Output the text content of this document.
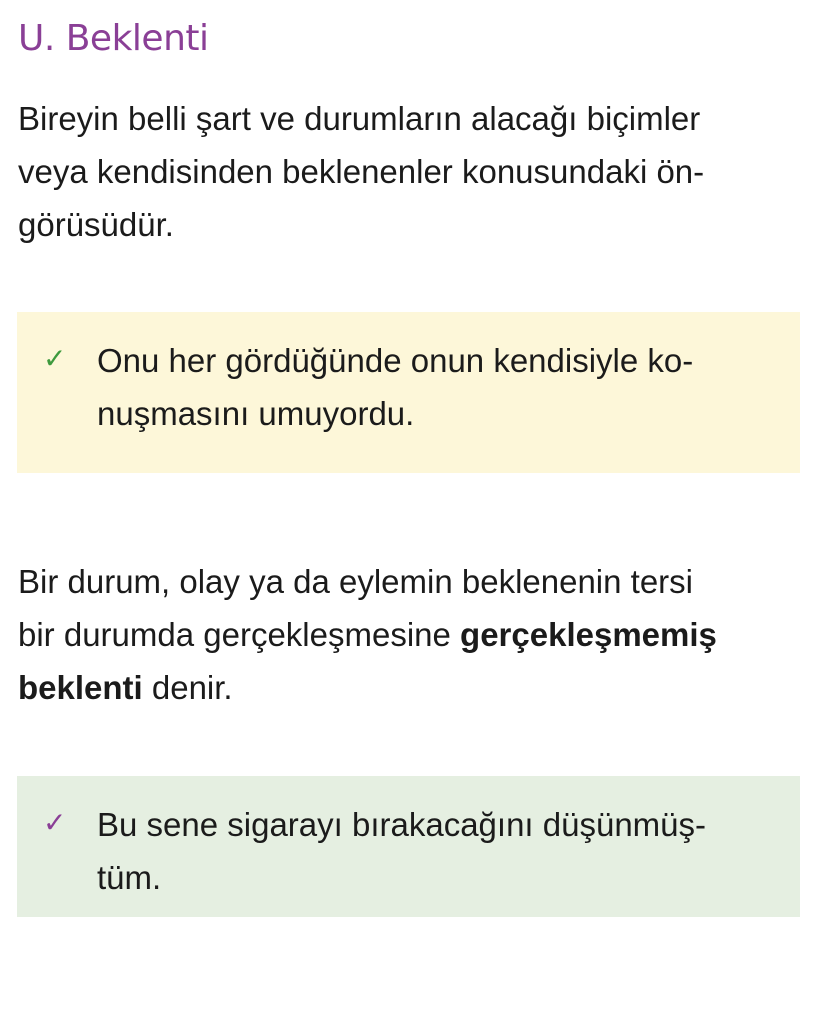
U. Beklenti

Bireyin belli şart ve durumların alacağı biçimler
veya kendisinden beklenenler konusundaki ön-
görüsüdür.

✓ Onu her gördüğünde onun kendisiyle ko-
nuşmasını umuyordu.

Bir durum, olay ya da eylemin beklenenin tersi
bir durumda gerçekleşmesine gerçekleşmemiş
beklenti denir.

✓ Bu sene sigarayı bırakacağını düşünmüş-
tüm.
